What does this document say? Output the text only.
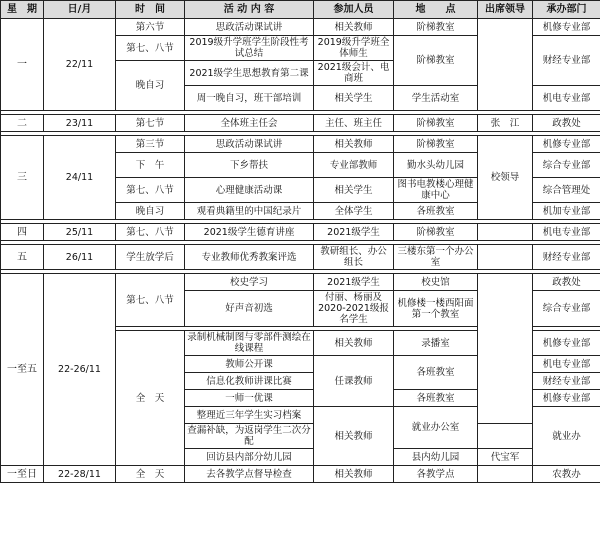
星　期	日/月	时　间	活 动 内 容	参加人员	地　　点	出席领导	承办部门
一	22/11	第六节	思政活动课试讲	相关教师	阶梯教室		机修专业部
		第七、八节	2019级升学班学生阶段性考试总结	2019级升学班全体师生	阶梯教室		财经专业部
		晚自习	2021级学生思想教育第二课	2021级会计、电商班			
			周一晚自习，班干部培训	相关学生	学生活动室		机电专业部

二	23/11	第七节	全体班主任会	主任、班主任	阶梯教室	张　江	政教处

三	24/11	第三节	思政活动课试讲	相关教师	阶梯教室	校领导	机修专业部
		下　午	下乡帮扶	专业部教师	勤水头幼儿园		综合专业部
		第七、八节	心理健康活动课	相关学生	图书电教楼心理健康中心		综合管理处
		晚自习	观看典籍里的中国纪录片	全体学生	各班教室		机加专业部

四	25/11	第七、八节	2021级学生德育讲座	2021级学生	阶梯教室		机电专业部

五	26/11	学生放学后	专业教师优秀教案评选	教研组长、办公组长	三楼东第一个办公室		财经专业部

一至五	22-26/11	第七、八节	校史学习	2021级学生	校史馆		政教处
			好声音初选	付丽、杨丽及2020-2021级报名学生	机修楼一楼西阳面第一个教室		综合专业部

		全　天	录制机械制图与零部件测绘在线课程	相关教师	录播室		机修专业部
			教师公开课	任课教师	各班教室		机电专业部
			信息化教师讲课比赛				财经专业部
			一师一优课		各班教室		机修专业部
			整理近三年学生实习档案	相关教师	就业办公室		就业办
			查漏补缺，为返岗学生二次分配				
			回访县内部分幼儿园		县内幼儿园	代宝军	
一至日	22-28/11	全　天	去各教学点督导检查	相关教师	各教学点		农教办
